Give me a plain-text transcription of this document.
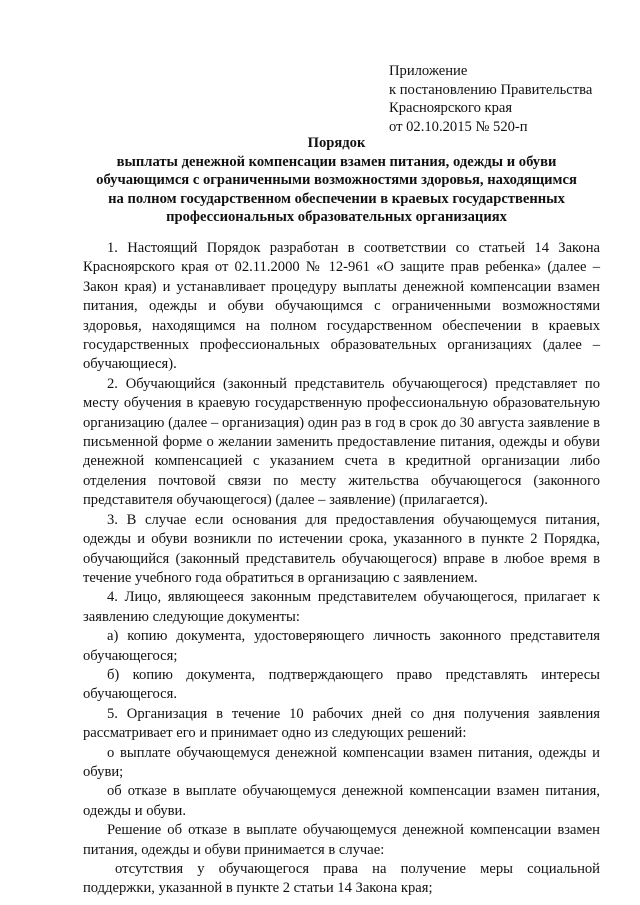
Приложение
к постановлению Правительства
Красноярского края
от 02.10.2015 № 520-п
Порядок
выплаты денежной компенсации взамен питания, одежды и обуви
обучающимся с ограниченными возможностями здоровья, находящимся
на полном государственном обеспечении в краевых государственных
профессиональных образовательных организациях

1. Настоящий Порядок разработан в соответствии со статьей 14 Закона Красноярского края от 02.11.2000 № 12-961 «О защите прав ребенка» (далее – Закон края) и устанавливает процедуру выплаты денежной компенсации взамен питания, одежды и обуви обучающимся с ограниченными возможностями здоровья, находящимся на полном государственном обеспечении в краевых государственных профессиональных образовательных организациях (далее – обучающиеся).

2. Обучающийся (законный представитель обучающегося) представляет по месту обучения в краевую государственную профессиональную образовательную организацию (далее – организация) один раз в год в срок до 30 августа заявление в письменной форме о желании заменить предоставление питания, одежды и обуви денежной компенсацией с указанием счета в кредитной организации либо отделения почтовой связи по месту жительства обучающегося (законного представителя обучающегося) (далее – заявление) (прилагается).

3. В случае если основания для предоставления обучающемуся питания, одежды и обуви возникли по истечении срока, указанного в пункте 2 Порядка, обучающийся (законный представитель обучающегося) вправе в любое время в течение учебного года обратиться в организацию с заявлением.

4. Лицо, являющееся законным представителем обучающегося, прилагает к заявлению следующие документы:

а) копию документа, удостоверяющего личность законного представителя обучающегося;

б) копию документа, подтверждающего право представлять интересы обучающегося.

5. Организация в течение 10 рабочих дней со дня получения заявления рассматривает его и принимает одно из следующих решений:

о выплате обучающемуся денежной компенсации взамен питания, одежды и обуви;

об отказе в выплате обучающемуся денежной компенсации взамен питания, одежды и обуви.

Решение об отказе в выплате обучающемуся денежной компенсации взамен питания, одежды и обуви принимается в случае:

отсутствия у обучающегося права на получение меры социальной поддержки, указанной в пункте 2 статьи 14 Закона края;
